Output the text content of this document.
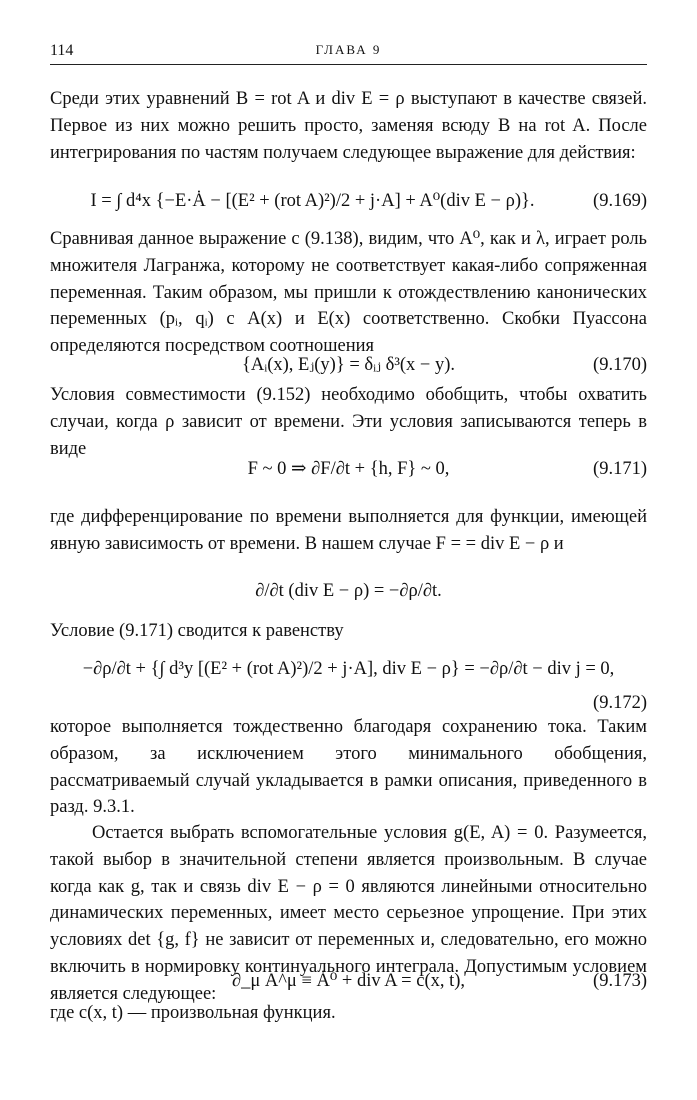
114	ГЛАВА 9
Среди этих уравнений B = rot A и div E = ρ выступают в качестве связей. Первое из них можно решить просто, заменяя всюду B на rot A. После интегрирования по частям получаем следующее выражение для действия:
I = ∫ d⁴x {−E·Ȧ − [(E² + (rot A)²)/2 + j·A] + A⁰(div E − ρ)}.	(9.169)
Сравнивая данное выражение с (9.138), видим, что A⁰, как и λ, играет роль множителя Лагранжа, которому не соответствует какая-либо сопряженная переменная. Таким образом, мы пришли к отождествлению канонических переменных (pᵢ, qᵢ) с A(x) и E(x) соответственно. Скобки Пуассона определяются посредством соотношения
{Aᵢ(x), Eⱼ(y)} = δᵢⱼ δ³(x − y).	(9.170)
Условия совместимости (9.152) необходимо обобщить, чтобы охватить случаи, когда ρ зависит от времени. Эти условия записываются теперь в виде
F ~ 0 ⇒ ∂F/∂t + {h, F} ~ 0,	(9.171)
где дифференцирование по времени выполняется для функции, имеющей явную зависимость от времени. В нашем случае F = = div E − ρ и
∂/∂t (div E − ρ) = −∂ρ/∂t.
Условие (9.171) сводится к равенству
−∂ρ/∂t + {∫ d³y [(E² + (rot A)²)/2 + j·A], div E − ρ} = −∂ρ/∂t − div j = 0,
(9.172)
которое выполняется тождественно благодаря сохранению тока. Таким образом, за исключением этого минимального обобщения, рассматриваемый случай укладывается в рамки описания, приведенного в разд. 9.3.1.
Остается выбрать вспомогательные условия g(E, A) = 0. Разумеется, такой выбор в значительной степени является произвольным. В случае когда как g, так и связь div E − ρ = 0 являются линейными относительно динамических переменных, имеет место серьезное упрощение. При этих условиях det {g, f} не зависит от переменных и, следовательно, его можно включить в нормировку континуального интеграла. Допустимым условием является следующее:
∂_μ A^μ ≡ Ȧ⁰ + div A = c(x, t),	(9.173)
где c(x, t) — произвольная функция.
